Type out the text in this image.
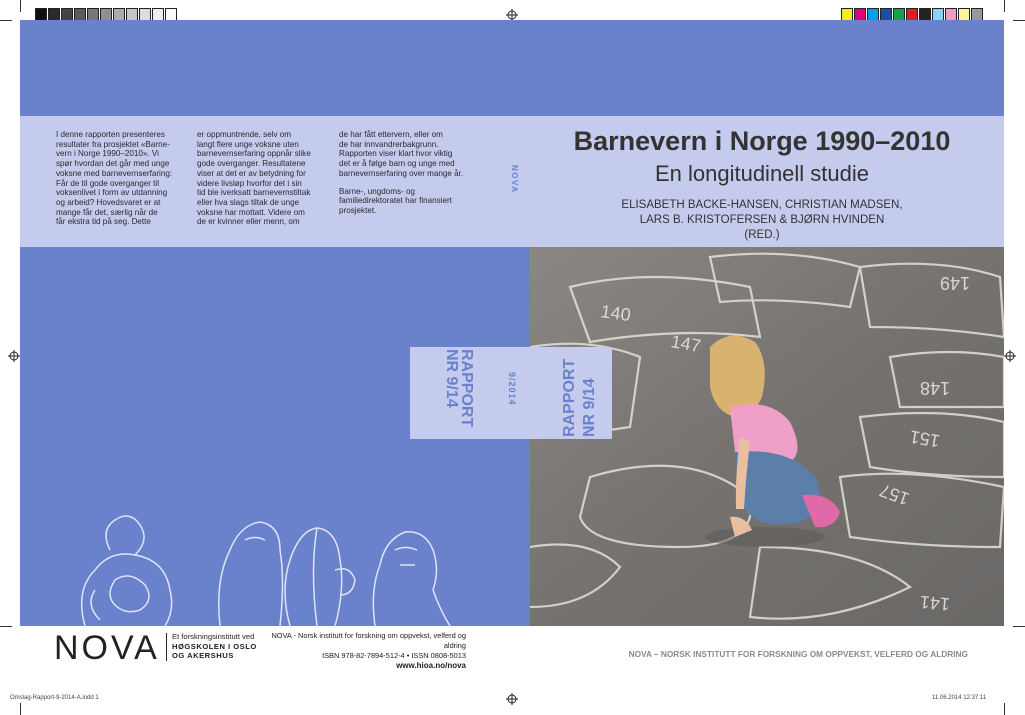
I denne rapporten presenteres
resultater fra prosjektet «Barne-
vern i Norge 1990–2010». Vi
spør hvordan det går med unge
voksne med barnevernserfaring:
Får de til gode overganger til
voksenlivet i form av utdanning
og arbeid? Hovedsvaret er at
mange får det, særlig når de
får ekstra tid på seg. Dette
er oppmuntrende, selv om
langt flere unge voksne uten
barnevernserfaring oppnår slike
gode overganger. Resultatene
viser at det er av betydning for
videre livsløp hvorfor det i sin
tid ble iverksatt barnevernstiltak
eller hva slags tiltak de unge
voksne har mottatt. Videre om
de er kvinner eller menn, om

de har fått ettervern, eller om
de har innvandrerbakgrunn.
Rapporten viser klart hvor viktig
det er å følge barn og unge med
barnevernserfaring over mange år.

Barne-, ungdoms- og
familiedirektoratet har finansiert
prosjektet.

NOVA
Barnevern i Norge 1990–2010
En longitudinell studie
ELISABETH BACKE-HANSEN, CHRISTIAN MADSEN,
LARS B. KRISTOFERSEN & BJØRN HVINDEN
(RED.)
140
147
148
149
157
151
141
RAPPORT
NR 9/14	9/2014	RAPPORT NR 9/14
NOVA Et forskningsinstitutt ved
HØGSKOLEN I OSLO
OG AKERSHUS
NOVA - Norsk institutt for forskning om oppvekst, velferd og aldring
ISBN 978-82-7894-512-4 • ISSN 0808-5013
www.hioa.no/nova
NOVA – NORSK INSTITUTT FOR FORSKNING OM OPPVEKST, VELFERD OG ALDRING
Omslag-Rapport-9-2014-A.indd 1	11.06.2014 12:37:11
